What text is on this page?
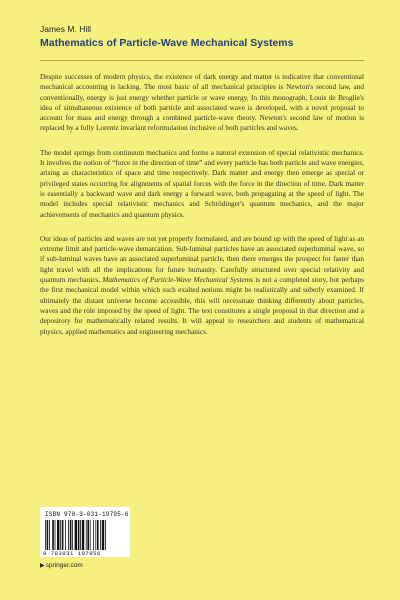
James M. Hill
Mathematics of Particle-Wave Mechanical Systems

Despite successes of modern physics, the existence of dark energy and matter is indicative that conventional mechanical accounting is lacking. The most basic of all mechanical principles is Newton's second law, and conventionally, energy is just energy whether particle or wave energy. In this monograph, Louis de Broglie's idea of simultaneous existence of both particle and associated wave is developed, with a novel proposal to account for mass and energy through a combined particle-wave theory. Newton's second law of motion is replaced by a fully Lorentz invariant reformulation inclusive of both particles and waves.

The model springs from continuum mechanics and forms a natural extension of special relativistic mechanics. It involves the notion of “force in the direction of time” and every particle has both particle and wave energies, arising as characteristics of space and time respectively. Dark matter and energy then emerge as special or privileged states occurring for alignments of spatial forces with the force in the direction of time. Dark matter is essentially a backward wave and dark energy a forward wave, both propagating at the speed of light. The model includes special relativistic mechanics and Schrödinger's quantum mechanics, and the major achievements of mechanics and quantum physics.

Our ideas of particles and waves are not yet properly formulated, and are bound up with the speed of light as an extreme limit and particle-wave demarcation. Sub-luminal particles have an associated superluminal wave, so if sub-luminal waves have an associated superluminal particle, then there emerges the prospect for faster than light travel with all the implications for future humanity. Carefully structured over special relativity and quantum mechanics, Mathematics of Particle-Wave Mechanical Systems is not a completed story, but perhaps the first mechanical model within which such exalted notions might be realistically and soberly examined. If ultimately the distant universe become accessible, this will necessitate thinking differently about particles, waves and the role imposed by the speed of light. The text constitutes a single proposal in that direction and a depository for mathematically related results. It will appeal to researchers and students of mathematical physics, applied mathematics and engineering mechanics.

ISBN 978-3-031-19795-6
9 783031 197956
▶springer.com
